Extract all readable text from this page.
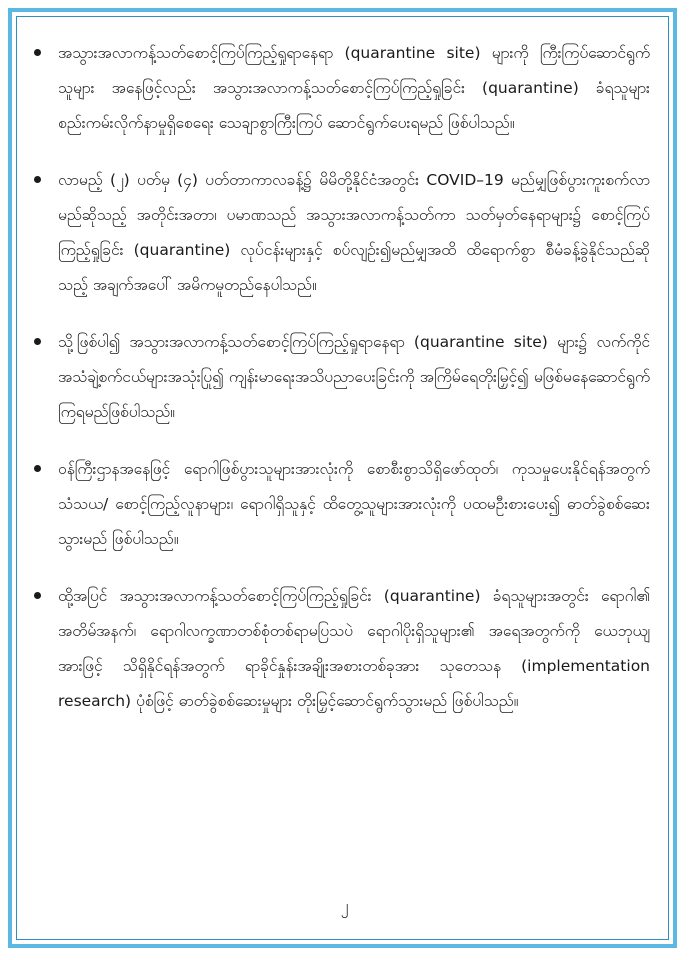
အသွားအလာကန့်သတ်စောင့်ကြပ်ကြည့်ရှုရာနေရာ (quarantine site) များကို ကြီးကြပ်ဆောင်ရွက်သူများ အနေဖြင့်လည်း အသွားအလာကန့်သတ်စောင့်ကြပ်ကြည့်ရှုခြင်း (quarantine) ခံရသူများ စည်းကမ်းလိုက်နာမှုရှိစေရေး သေချာစွာကြီးကြပ် ဆောင်ရွက်ပေးရမည် ဖြစ်ပါသည်။
လာမည့် (၂) ပတ်မှ (၄) ပတ်တာကာလခန့်၌ မိမိတို့နိုင်ငံအတွင်း COVID–19 မည်မျှဖြစ်ပွားကူးစက်လာမည်ဆိုသည့် အတိုင်းအတာ၊ ပမာဏသည် အသွားအလာကန့်သတ်ကာ သတ်မှတ်နေရာများ၌ စောင့်ကြပ်ကြည့်ရှုခြင်း (quarantine) လုပ်ငန်းများနှင့် စပ်လျဉ်း၍မည်မျှအထိ ထိရောက်စွာ စီမံခန့်ခွဲနိုင်သည်ဆိုသည့် အချက်အပေါ် အမိကမူတည်နေပါသည်။
သို့ဖြစ်ပါ၍ အသွားအလာကန့်သတ်စောင့်ကြပ်ကြည့်ရှုရာနေရာ (quarantine site) များ၌ လက်ကိုင်အသံချဲ့စက်ငယ်များအသုံးပြု၍ ကျန်းမာရေးအသိပညာပေးခြင်းကို အကြိမ်ရေတိုးမြှင့်၍ မဖြစ်မနေဆောင်ရွက်ကြရမည်ဖြစ်ပါသည်။
ဝန်ကြီးဌာနအနေဖြင့် ရောဂါဖြစ်ပွားသူများအားလုံးကို စောစီးစွာသိရှိဖော်ထုတ်၊ ကုသမှုပေးနိုင်ရန်အတွက် သံသယ/ စောင့်ကြည့်လူနာများ၊ ရောဂါရှိသူနှင့် ထိတွေ့သူများအားလုံးကို ပထမဦးစားပေး၍ ဓာတ်ခွဲစစ်ဆေးသွားမည် ဖြစ်ပါသည်။
ထို့အပြင် အသွားအလာကန့်သတ်စောင့်ကြပ်ကြည့်ရှုခြင်း (quarantine) ခံရသူများအတွင်း ရောဂါ၏ အတိမ်အနက်၊ ရောဂါလက္ခဏာတစ်စုံတစ်ရာမပြသပဲ ရောဂါပိုးရှိသူများ၏ အရေအတွက်ကို ယေဘုယျအားဖြင့် သိရှိနိုင်ရန်အတွက် ရာခိုင်နှုန်းအချိုးအစားတစ်ခုအား သုတေသန (implementation research) ပုံစံဖြင့် ဓာတ်ခွဲစစ်ဆေးမှုများ တိုးမြှင့်ဆောင်ရွက်သွားမည် ဖြစ်ပါသည်။
၂
